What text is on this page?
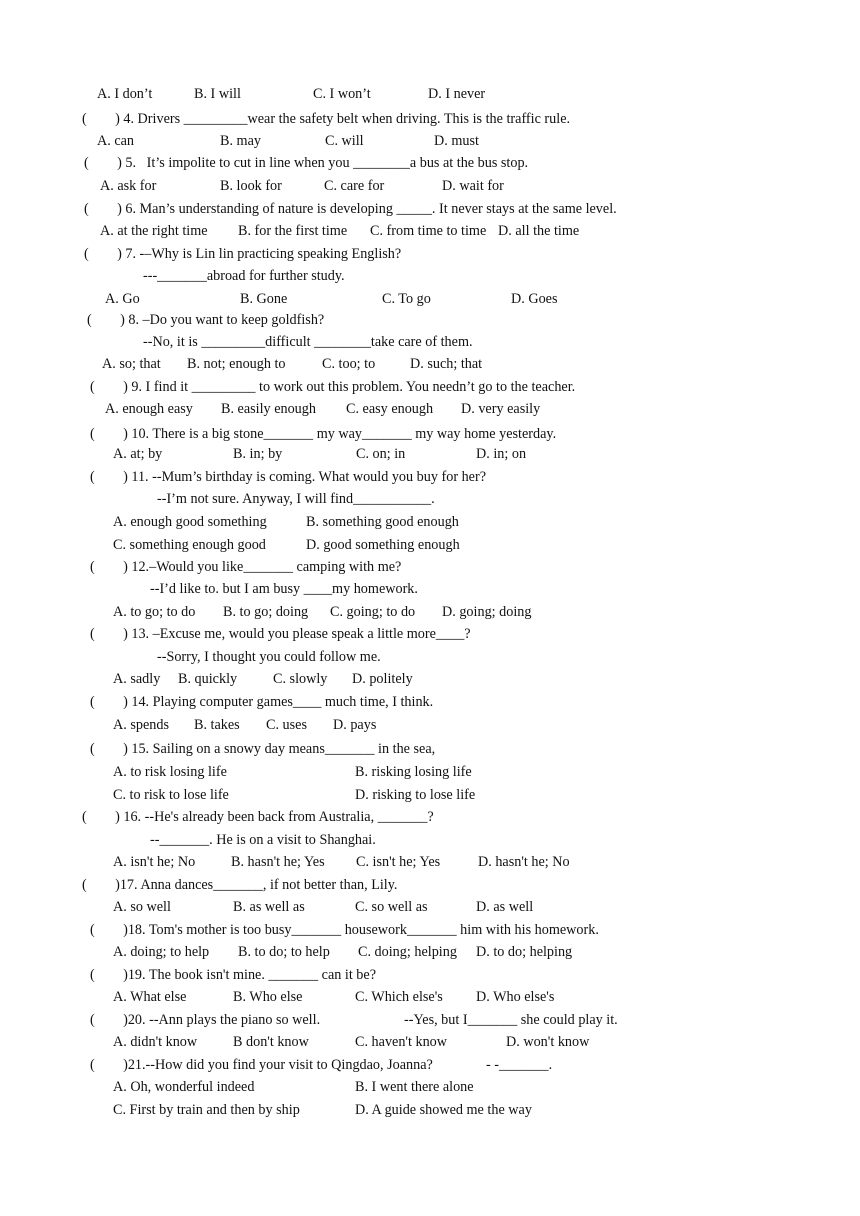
A. I don’t	B. I will	C. I won’t	D. I never
(        ) 4. Drivers _________wear the safety belt when driving. This is the traffic rule.
A. can	B. may	C. will	D. must
(        ) 5.   It’s impolite to cut in line when you ________a bus at the bus stop.
A. ask for	B. look for	C. care for	D. wait for
(        ) 6. Man’s understanding of nature is developing _____. It never stays at the same level.
A. at the right time B. for the first time C. from time to time D. all the time
(        ) 7. -–Why is Lin lin practicing speaking English?
---_______abroad for further study.
A. Go	B. Gone	C. To go	D. Goes
(        ) 8. –Do you want to keep goldfish?
--No, it is _________difficult ________take care of them.
A. so; that B. not; enough to	C. too; to D. such; that
(        ) 9. I find it _________ to work out this problem. You needn’t go to the teacher.
A. enough easy B. easily enough C. easy enough D. very easily
(        ) 10. There is a big stone_______ my way_______ my way home yesterday.
A. at; by	B. in; by	C. on; in	D. in; on
(        ) 11. --Mum’s birthday is coming. What would you buy for her?
--I’m not sure. Anyway, I will find___________.
A. enough good something	B. something good enough
C. something enough good	D. good something enough
(        ) 12.–Would you like_______ camping with me?
--I’d like to. but I am busy ____my homework.
A. to go; to do B. to go; doing C. going; to do D. going; doing
(        ) 13. –Excuse me, would you please speak a little more____?
--Sorry, I thought you could follow me.
A. sadly B. quickly	C. slowly D. politely
(        ) 14. Playing computer games____ much time, I think.
A. spends B. takes C. uses D. pays
(        ) 15. Sailing on a snowy day means_______ in the sea,
A. to risk losing life	B. risking losing life
C. to risk to lose life	D. risking to lose life
(        ) 16. --He's already been back from Australia, _______?
--_______. He is on a visit to Shanghai.
A. isn't he; No	B. hasn't he; Yes C. isn't he; Yes	D. hasn't he; No
(        )17. Anna dances_______, if not better than, Lily.
A. so well	B. as well as	C. so well as	D. as well
(        )18. Tom's mother is too busy_______ housework_______ him with his homework.
A. doing; to help B. to do; to help C. doing; helping D. to do; helping
(        )19. The book isn't mine. _______ can it be?
A. What else	B. Who else	C. Which else's D. Who else's
(        )20. --Ann plays the piano so well.	--Yes, but I_______ she could play it.
A. didn't know	B don't know	C. haven't know	D. won't know
(        )21.--How did you find your visit to Qingdao, Joanna?	- -_______.
A. Oh, wonderful indeed	B. I went there alone
C. First by train and then by ship	D. A guide showed me the way
